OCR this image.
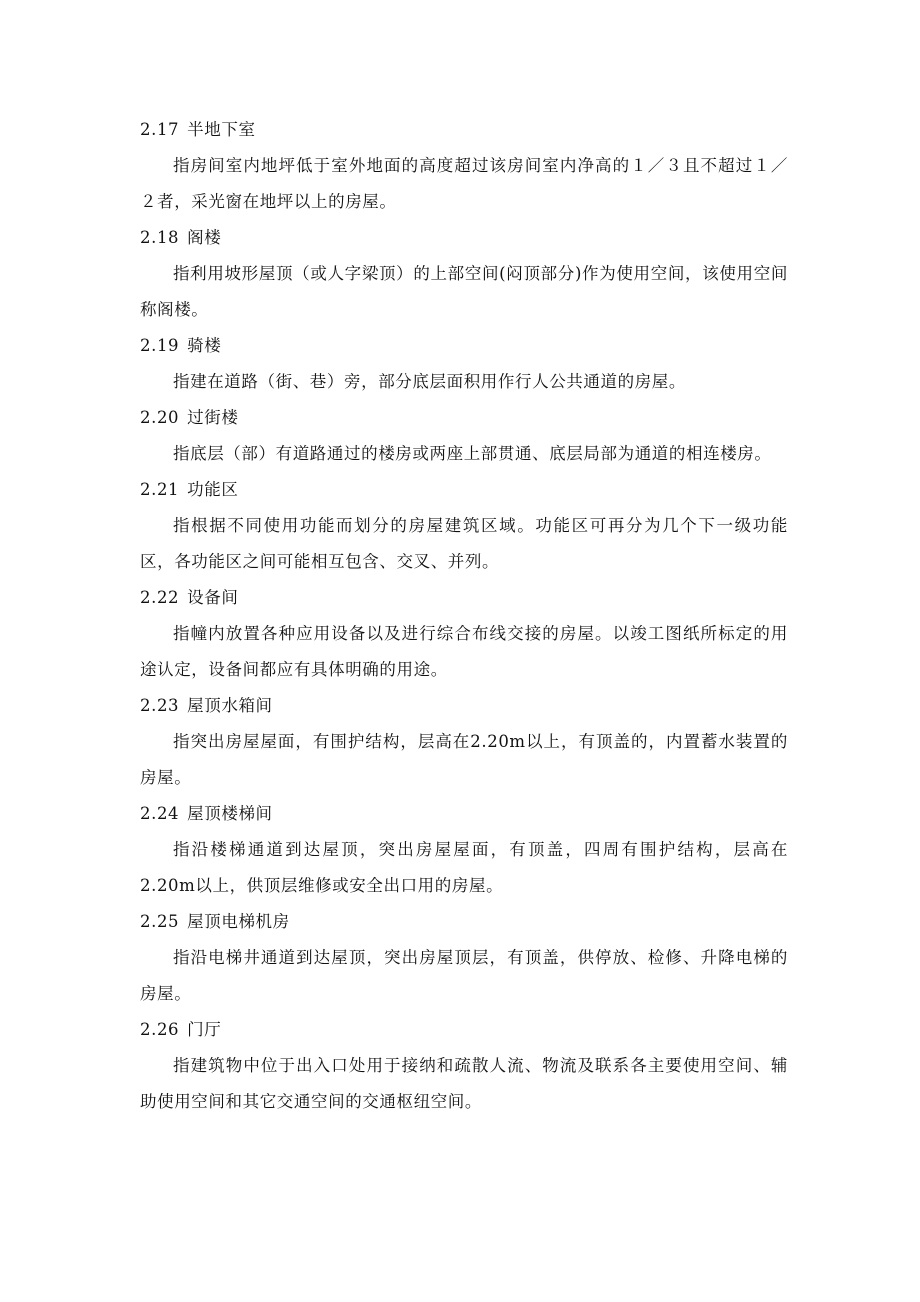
2.17 半地下室

指房间室内地坪低于室外地面的高度超过该房间室内净高的１／３且不超过１／２者，采光窗在地坪以上的房屋。

2.18 阁楼

指利用坡形屋顶（或人字梁顶）的上部空间(闷顶部分)作为使用空间，该使用空间称阁楼。

2.19 骑楼

指建在道路（街、巷）旁，部分底层面积用作行人公共通道的房屋。

2.20 过街楼

指底层（部）有道路通过的楼房或两座上部贯通、底层局部为通道的相连楼房。

2.21 功能区

指根据不同使用功能而划分的房屋建筑区域。功能区可再分为几个下一级功能区，各功能区之间可能相互包含、交叉、并列。

2.22 设备间

指幢内放置各种应用设备以及进行综合布线交接的房屋。以竣工图纸所标定的用途认定，设备间都应有具体明确的用途。

2.23 屋顶水箱间

指突出房屋屋面，有围护结构，层高在2.20m以上，有顶盖的，内置蓄水装置的房屋。

2.24 屋顶楼梯间

指沿楼梯通道到达屋顶，突出房屋屋面，有顶盖，四周有围护结构，层高在2.20m以上，供顶层维修或安全出口用的房屋。

2.25 屋顶电梯机房

指沿电梯井通道到达屋顶，突出房屋顶层，有顶盖，供停放、检修、升降电梯的房屋。

2.26 门厅

指建筑物中位于出入口处用于接纳和疏散人流、物流及联系各主要使用空间、辅助使用空间和其它交通空间的交通枢纽空间。
